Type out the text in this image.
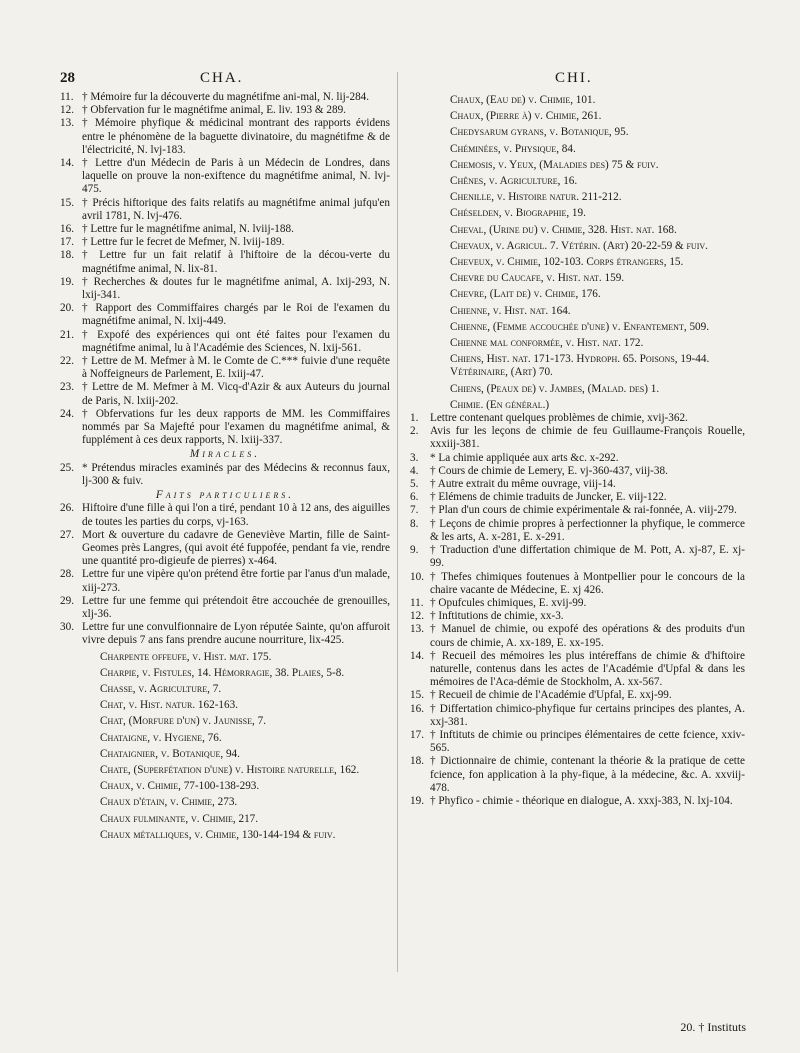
28	CHA.	CHI.

11. † Mémoire fur la découverte du magnétifme ani-mal, N. lij-284.

12. † Obfervation fur le magnétifme animal, E. liv. 193 & 289.

13. † Mémoire phyfique & médicinal montrant des rapports évidens entre le phénomène de la baguette divinatoire, du magnétifme & de l'électricité, N. lvj-183.

14. † Lettre d'un Médecin de Paris à un Médecin de Londres, dans laquelle on prouve la non-exiftence du magnétifme animal, N. lvj-475.

15. † Précis hiftorique des faits relatifs au magnétifme animal jufqu'en avril 1781, N. lvj-476.

16. † Lettre fur le magnétifme animal, N. lviij-188.

17. † Lettre fur le fecret de Mefmer, N. lviij-189.

18. † Lettre fur un fait relatif à l'hiftoire de la décou-verte du magnétifme animal, N. lix-81.

19. † Recherches & doutes fur le magnétifme animal, A. lxij-293, N. lxij-341.

20. † Rapport des Commiffaires chargés par le Roi de l'examen du magnétifme animal, N. lxij-449.

21. † Expofé des expériences qui ont été faites pour l'examen du magnétifme animal, lu à l'Académie des Sciences, N. lxij-561.

22. † Lettre de M. Mefmer à M. le Comte de C.*** fuivie d'une requête à Noffeigneurs de Parlement, E. lxiij-47.

23. † Lettre de M. Mefmer à M. Vicq-d'Azir & aux Auteurs du journal de Paris, N. lxiij-202.

24. † Obfervations fur les deux rapports de MM. les Commiffaires nommés par Sa Majefté pour l'examen du magnétifme animal, & fupplément à ces deux rapports, N. lxiij-337.

Miracles.

25. * Prétendus miracles examinés par des Médecins & reconnus faux, lj-300 & fuiv.

Faits particuliers.

26. Hiftoire d'une fille à qui l'on a tiré, pendant 10 à 12 ans, des aiguilles de toutes les parties du corps, vj-163.

27. Mort & ouverture du cadavre de Geneviève Martin, fille de Saint-Geomes près Langres, (qui avoit été fuppofée, pendant fa vie, rendre une quantité pro-digieufe de pierres) x-464.

28. Lettre fur une vipère qu'on prétend être fortie par l'anus d'un malade, xiij-273.

29. Lettre fur une femme qui prétendoit être accouchée de grenouilles, xlj-36.

30. Lettre fur une convulfionnaire de Lyon réputée Sainte, qu'on affuroit vivre depuis 7 ans fans prendre aucune nourriture, lix-425.

Charpente offeufe, v. Hist. mat. 175.

Charpie, v. Fistules, 14. Hémorragie, 38. Plaies, 5-8.

Chasse, v. Agriculture, 7.

Chat, v. Hist. natur. 162-163.

Chat, (Morfure d'un) v. Jaunisse, 7.

Chataigne, v. Hygiene, 76.

Chataignier, v. Botanique, 94.

Chate, (Superfétation d'une) v. Histoire naturelle, 162.

Chaux, v. Chimie, 77-100-138-293.

Chaux d'étain, v. Chimie, 273.

Chaux fulminante, v. Chimie, 217.

Chaux métalliques, v. Chimie, 130-144-194 & fuiv.

Chaux, (Eau de) v. Chimie, 101.

Chaux, (Pierre à) v. Chimie, 261.

Chedysarum gyrans, v. Botanique, 95.

Chéminées, v. Physique, 84.

Chemosis, v. Yeux, (Maladies des) 75 & fuiv.

Chênes, v. Agriculture, 16.

Chenille, v. Histoire natur. 211-212.

Chéselden, v. Biographie, 19.

Cheval, (Urine du) v. Chimie, 328. Hist. nat. 168.

Chevaux, v. Agricul. 7. Vétérin. (Art) 20-22-59 & fuiv.

Cheveux, v. Chimie, 102-103. Corps étrangers, 15.

Chevre du Caucafe, v. Hist. nat. 159.

Chevre, (Lait de) v. Chimie, 176.

Chienne, v. Hist. nat. 164.

Chienne, (Femme accouchée d'une) v. Enfantement, 509.

Chienne mal conformée, v. Hist. nat. 172.

Chiens, Hist. nat. 171-173. Hydroph. 65. Poisons, 19-44. Vétérinaire, (Art) 70.

Chiens, (Peaux de) v. Jambes, (Malad. des) 1.

Chimie. (En général.)

1. Lettre contenant quelques problèmes de chimie, xvij-362.

2. Avis fur les leçons de chimie de feu Guillaume-François Rouelle, xxxiij-381.

3. * La chimie appliquée aux arts &c. x-292.

4. † Cours de chimie de Lemery, E. vj-360-437, viij-38.

5. † Autre extrait du même ouvrage, viij-14.

6. † Elémens de chimie traduits de Juncker, E. viij-122.

7. † Plan d'un cours de chimie expérimentale & rai-fonnée, A. viij-279.

8. † Leçons de chimie propres à perfectionner la phyfique, le commerce & les arts, A. x-281, E. x-291.

9. † Traduction d'une differtation chimique de M. Pott, A. xj-87, E. xj-99.

10. † Thefes chimiques foutenues à Montpellier pour le concours de la chaire vacante de Médecine, E. xj 426.

11. † Opufcules chimiques, E. xvij-99.

12. † Inftitutions de chimie, xx-3.

13. † Manuel de chimie, ou expofé des opérations & des produits d'un cours de chimie, A. xx-189, E. xx-195.

14. † Recueil des mémoires les plus intéreffans de chimie & d'hiftoire naturelle, contenus dans les actes de l'Académie d'Upfal & dans les mémoires de l'Aca-démie de Stockholm, A. xx-567.

15. † Recueil de chimie de l'Académie d'Upfal, E. xxj-99.

16. † Differtation chimico-phyfique fur certains principes des plantes, A. xxj-381.

17. † Inftituts de chimie ou principes élémentaires de cette fcience, xxiv-565.

18. † Dictionnaire de chimie, contenant la théorie & la pratique de cette fcience, fon application à la phy-fique, à la médecine, &c. A. xxviij-478.

19. † Phyfico - chimie - théorique en dialogue, A. xxxj-383, N. lxj-104.

20. † Instituts
